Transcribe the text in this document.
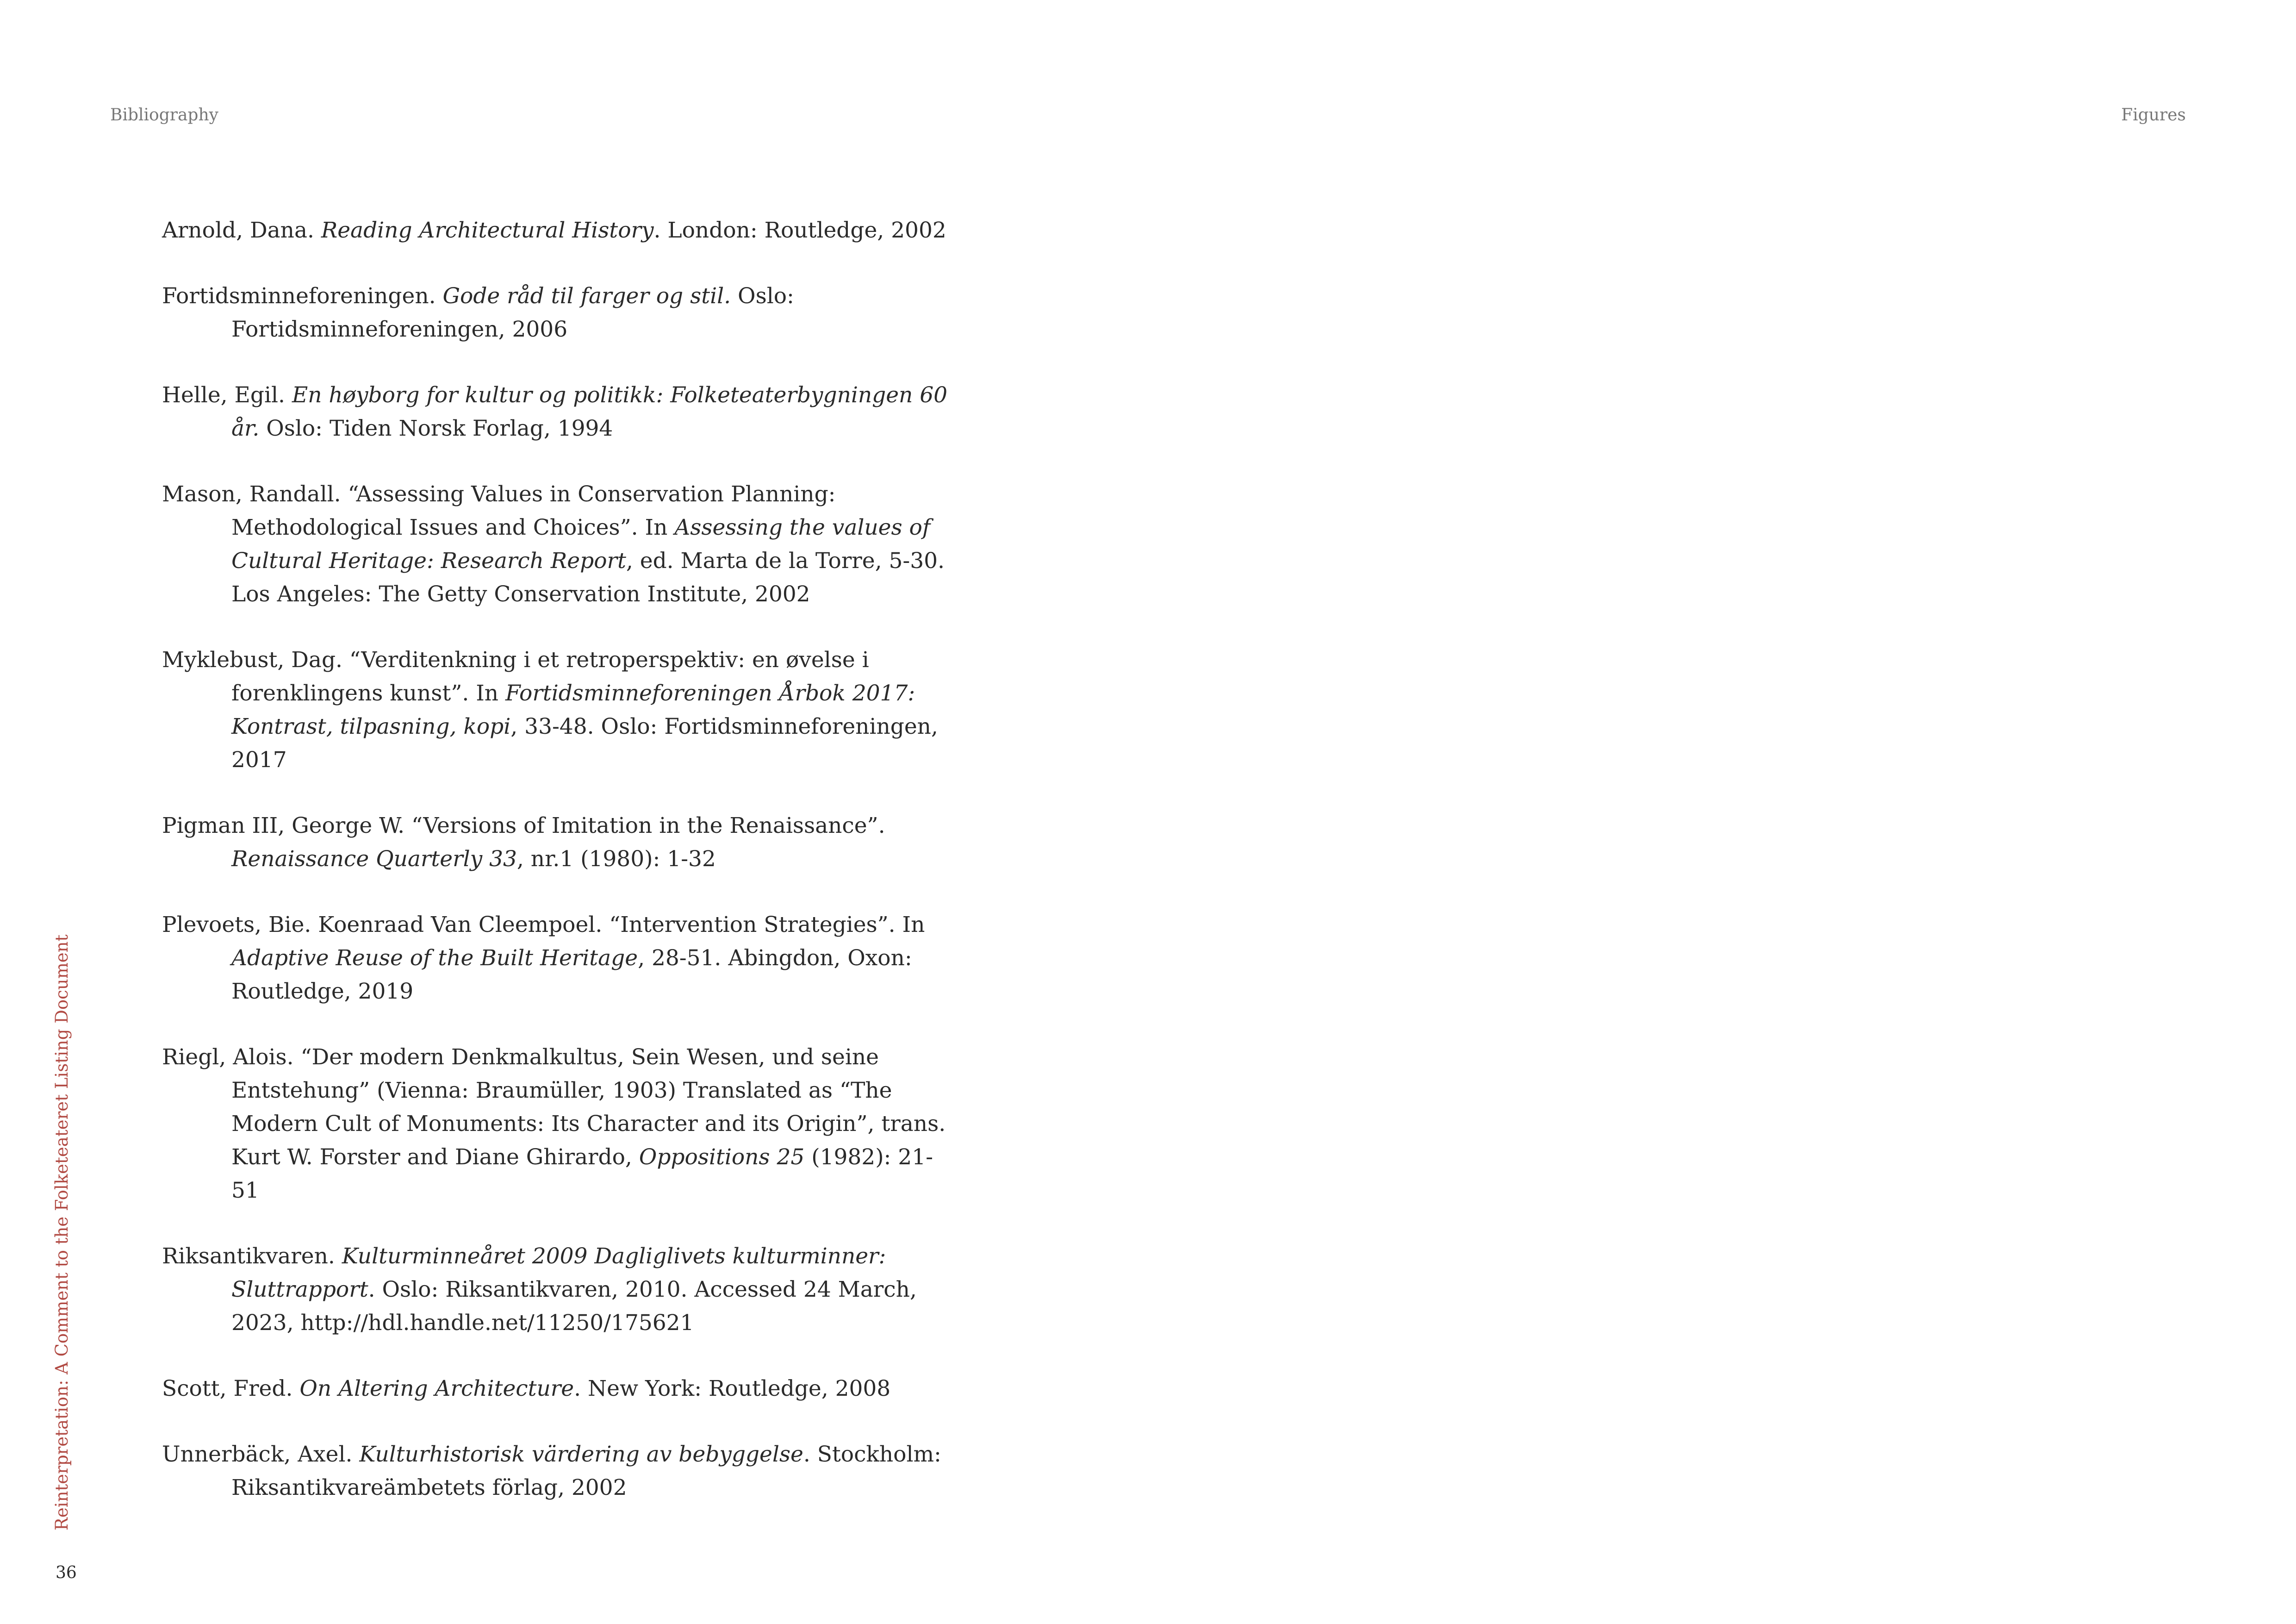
Bibliography
Reinterpretation: A Comment to the Folketeateret Listing Document
36
Arnold, Dana. Reading Architectural History. London: Routledge, 2002
Fortidsminneforeningen. Gode råd til farger og stil. Oslo: Fortidsminneforeningen, 2006
Helle, Egil. En høyborg for kultur og politikk: Folketeaterbygningen 60 år. Oslo: Tiden Norsk Forlag, 1994
Mason, Randall. “Assessing Values in Conservation Planning: Methodological Issues and Choices”. In Assessing the values of Cultural Heritage: Research Report, ed. Marta de la Torre, 5-30. Los Angeles: The Getty Conservation Institute, 2002
Myklebust, Dag. “Verditenkning i et retroperspektiv: en øvelse i forenklingens kunst”. In Fortidsminneforeningen Årbok 2017: Kontrast, tilpasning, kopi, 33-48. Oslo: Fortidsminneforeningen, 2017
Pigman III, George W. “Versions of Imitation in the Renaissance”. Renaissance Quarterly 33, nr.1 (1980): 1-32
Plevoets, Bie. Koenraad Van Cleempoel. “Intervention Strategies”. In Adaptive Reuse of the Built Heritage, 28-51. Abingdon, Oxon: Routledge, 2019
Riegl, Alois. “Der modern Denkmalkultus, Sein Wesen, und seine Entstehung” (Vienna: Braumüller, 1903) Translated as “The Modern Cult of Monuments: Its Character and its Origin”, trans. Kurt W. Forster and Diane Ghirardo, Oppositions 25 (1982): 21-51
Riksantikvaren. Kulturminneåret 2009 Dagliglivets kulturminner: Sluttrapport. Oslo: Riksantikvaren, 2010. Accessed 24 March, 2023, http://hdl.handle.net/11250/175621
Scott, Fred. On Altering Architecture. New York: Routledge, 2008
Unnerbäck, Axel. Kulturhistorisk värdering av bebyggelse. Stockholm: Riksantikvareämbetets förlag, 2002
Figures
